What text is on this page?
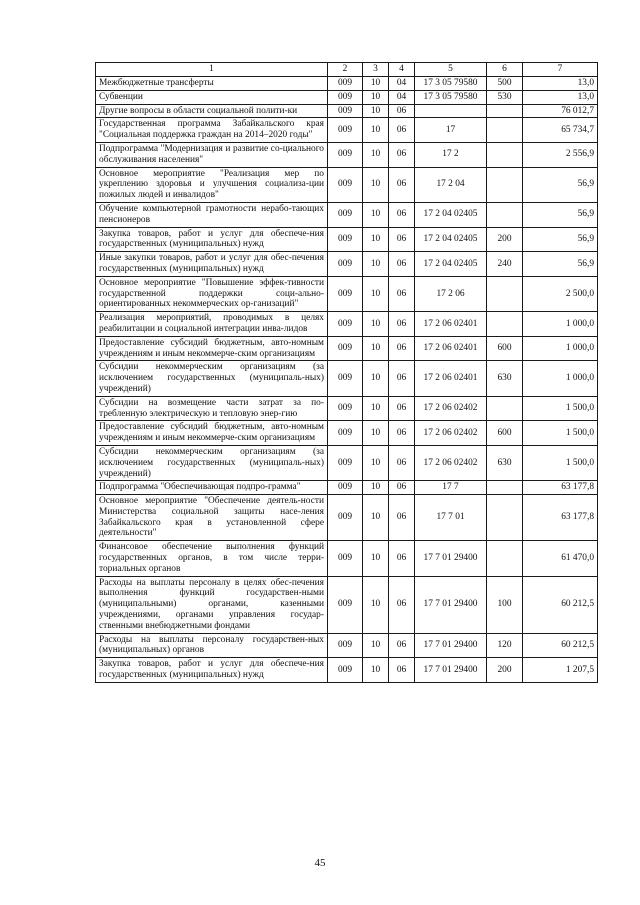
1	2	3	4	5	6	7
Межбюджетные трансферты	009	10	04	17 3 05 79580	500	13,0
Субвенции	009	10	04	17 3 05 79580	530	13,0
Другие вопросы в области социальной полити-ки	009	10	06			76 012,7
Государственная программа Забайкальского края "Социальная поддержка граждан на 2014–2020 годы"	009	10	06	17		65 734,7
Подпрограмма "Модернизация и развитие со-циального обслуживания населения"	009	10	06	17 2		2 556,9
Основное мероприятие "Реализация мер по укреплению здоровья и улучшения социализа-ции пожилых людей и инвалидов"	009	10	06	17 2 04		56,9
Обучение компьютерной грамотности нерабо-тающих пенсионеров	009	10	06	17 2 04 02405		56,9
Закупка товаров, работ и услуг для обеспече-ния государственных (муниципальных) нужд	009	10	06	17 2 04 02405	200	56,9
Иные закупки товаров, работ и услуг для обес-печения государственных (муниципальных) нужд	009	10	06	17 2 04 02405	240	56,9
Основное мероприятие "Повышение эффек-тивности государственной поддержки соци-ально-ориентированных некоммерческих ор-ганизаций"	009	10	06	17 2 06		2 500,0
Реализация мероприятий, проводимых в целях реабилитации и социальной интеграции инва-лидов	009	10	06	17 2 06 02401		1 000,0
Предоставление субсидий бюджетным, авто-номным учреждениям и иным некоммерче-ским организациям	009	10	06	17 2 06 02401	600	1 000,0
Субсидии некоммерческим организациям (за исключением государственных (муниципаль-ных) учреждений)	009	10	06	17 2 06 02401	630	1 000,0
Субсидии на возмещение части затрат за по-требленную электрическую и тепловую энер-гию	009	10	06	17 2 06 02402		1 500,0
Предоставление субсидий бюджетным, авто-номным учреждениям и иным некоммерче-ским организациям	009	10	06	17 2 06 02402	600	1 500,0
Субсидии некоммерческим организациям (за исключением государственных (муниципаль-ных) учреждений)	009	10	06	17 2 06 02402	630	1 500,0
Подпрограмма "Обеспечивающая подпро-грамма"	009	10	06	17 7		63 177,8
Основное мероприятие "Обеспечение деятель-ности Министерства социальной защиты насе-ления Забайкальского края в установленной сфере деятельности"	009	10	06	17 7 01		63 177,8
Финансовое обеспечение выполнения функций государственных органов, в том числе терри-ториальных органов	009	10	06	17 7 01 29400		61 470,0
Расходы на выплаты персоналу в целях обес-печения выполнения функций государствен-ными (муниципальными) органами, казенными учреждениями, органами управления государ-ственными внебюджетными фондами	009	10	06	17 7 01 29400	100	60 212,5
Расходы на выплаты персоналу государствен-ных (муниципальных) органов	009	10	06	17 7 01 29400	120	60 212,5
Закупка товаров, работ и услуг для обеспече-ния государственных (муниципальных) нужд	009	10	06	17 7 01 29400	200	1 207,5
45
